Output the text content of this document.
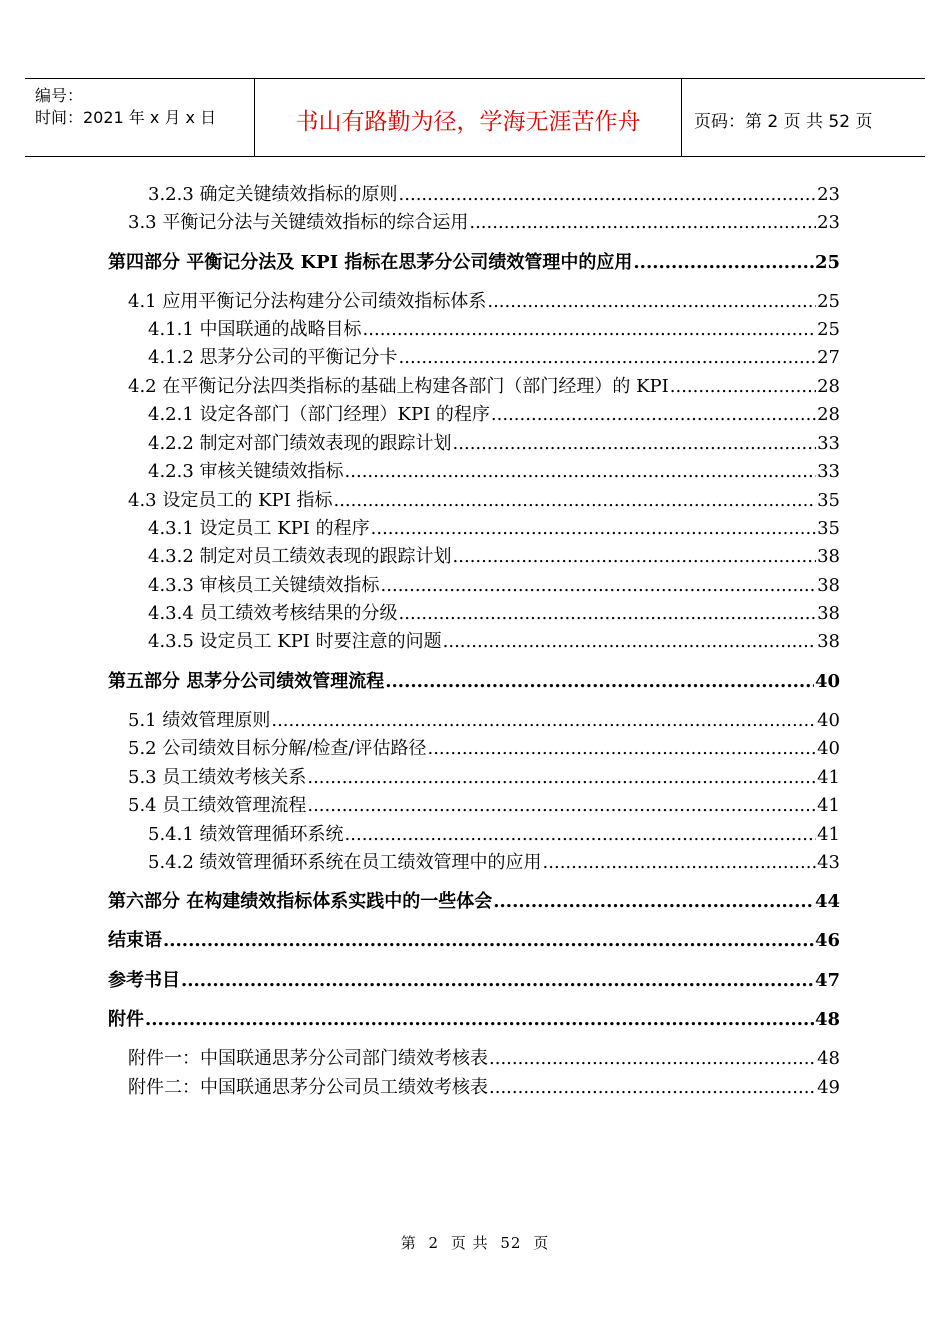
编号：
时间：2021 年 x 月 x 日	书山有路勤为径，学海无涯苦作舟	页码：第 2 页 共 52 页
3.2.3 确定关键绩效指标的原则 .....	23
3.3 平衡记分法与关键绩效指标的综合运用 .....	23
第四部分 平衡记分法及 KPI 指标在思茅分公司绩效管理中的应用 .....	25
4.1 应用平衡记分法构建分公司绩效指标体系 .....	25
4.1.1 中国联通的战略目标 .....	25
4.1.2 思茅分公司的平衡记分卡 .....	27
4.2 在平衡记分法四类指标的基础上构建各部门（部门经理）的 KPI .....	28
4.2.1 设定各部门（部门经理）KPI 的程序 .....	28
4.2.2 制定对部门绩效表现的跟踪计划 .....	33
4.2.3 审核关键绩效指标 .....	33
4.3 设定员工的 KPI 指标 .....	35
4.3.1 设定员工 KPI 的程序 .....	35
4.3.2 制定对员工绩效表现的跟踪计划 .....	38
4.3.3 审核员工关键绩效指标 .....	38
4.3.4 员工绩效考核结果的分级 .....	38
4.3.5 设定员工 KPI 时要注意的问题 .....	38
第五部分 思茅分公司绩效管理流程 .....	40
5.1 绩效管理原则 .....	40
5.2 公司绩效目标分解/检查/评估路径 .....	40
5.3 员工绩效考核关系 .....	41
5.4 员工绩效管理流程 .....	41
5.4.1 绩效管理循环系统 .....	41
5.4.2 绩效管理循环系统在员工绩效管理中的应用 .....	43
第六部分 在构建绩效指标体系实践中的一些体会 .....	44
结束语 .....	46
参考书目 .....	47
附件 .....	48
附件一：中国联通思茅分公司部门绩效考核表 .....	48
附件二：中国联通思茅分公司员工绩效考核表 .....	49
第 2 页 共 52 页
